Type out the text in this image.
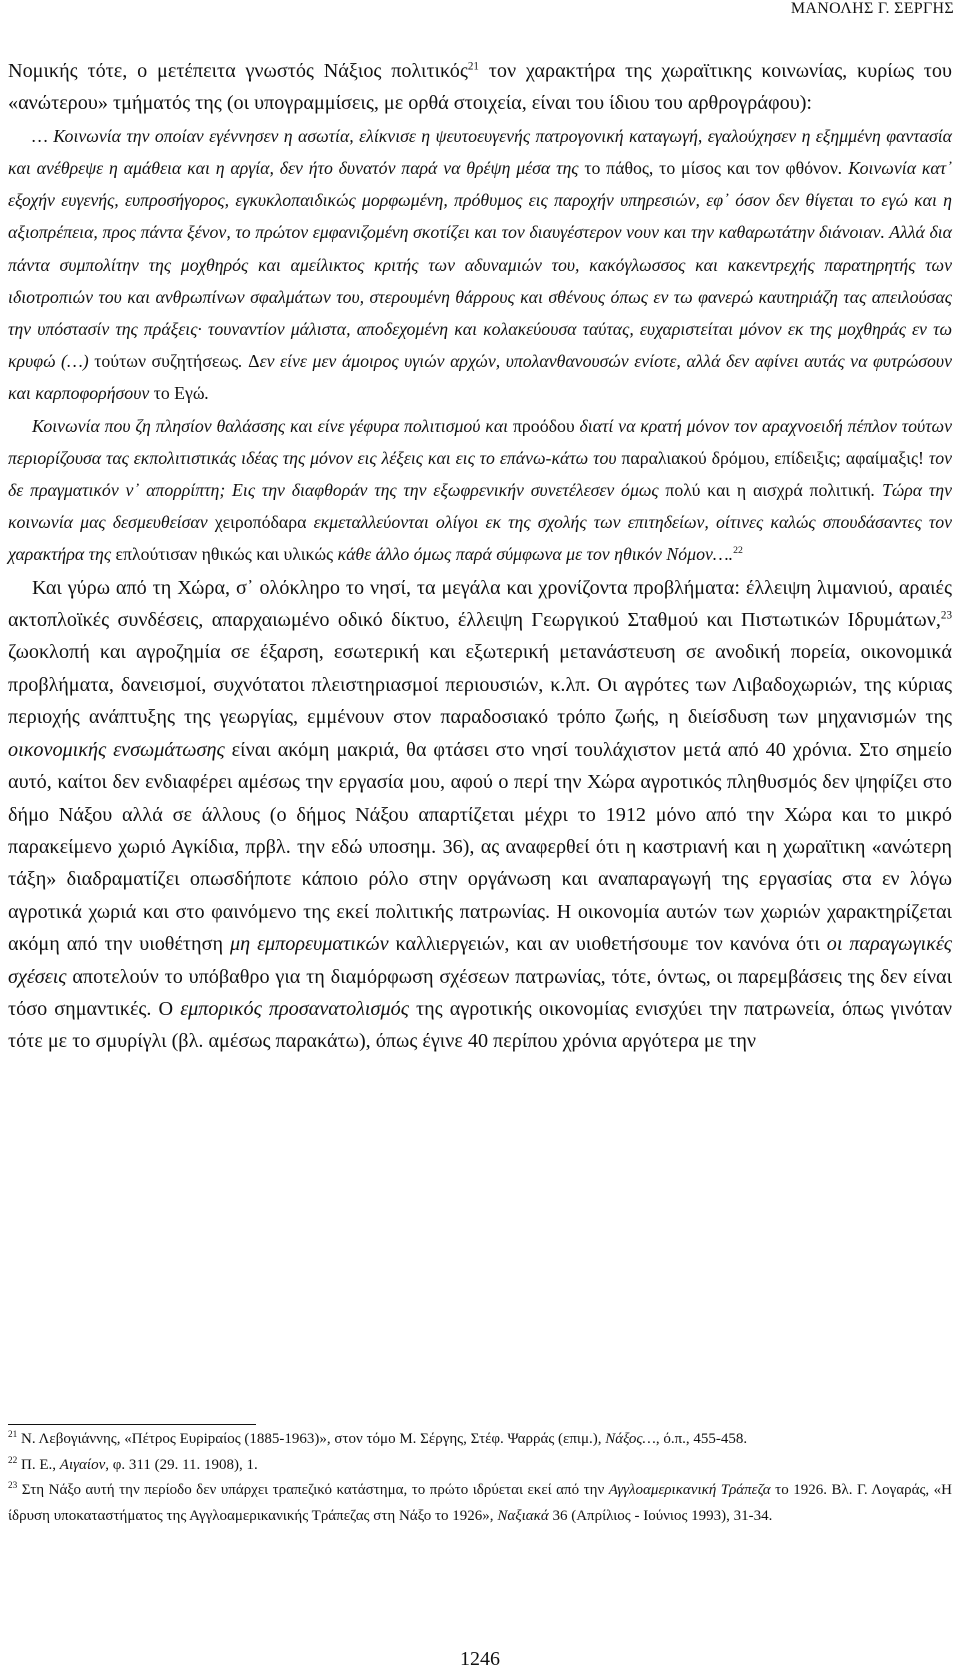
ΜΑΝΟΛΗΣ Γ. ΣΕΡΓΗΣ

Νομικής τότε, ο μετέπειτα γνωστός Νάξιος πολιτικός$^{21}$ τον χαρακτήρα της χωραϊτικης κοινωνίας, κυρίως του «ανώτερου» τμήματός της (οι υπογραμμίσεις, με ορθά στοιχεία, είναι του ίδιου του αρθρογράφου):

… Κοινωνία την οποίαν εγέννησεν η ασωτία, ελίκνισε η ψευτοευγενής πατρογονική καταγωγή, εγαλούχησεν η εξημμένη φαντασία και ανέθρεψε η αμάθεια και η αργία, δεν ήτο δυνατόν παρά να θρέψη μέσα της το πάθος, το μίσος και τον φθόνον. Κοινωνία κατ᾽ εξοχήν ευγενής, ευπροσήγορος, εγκυκλοπαιδικώς μορφωμένη, πρόθυμος εις παροχήν υπηρεσιών, εφ᾽ όσον δεν θίγεται το εγώ και η αξιοπρέπεια, προς πάντα ξένον, το πρώτον εμφανιζομένη σκοτίζει και τον διαυγέστερον νουν και την καθαρωτάτην διάνοιαν. Αλλά δια πάντα συμπολίτην της μοχθηρός και αμείλικτος κριτής των αδυναμιών του, κακόγλωσσος και κακεντρεχής παρατηρητής των ιδιοτροπιών του και ανθρωπίνων σφαλμάτων του, στερουμένη θάρρους και σθένους όπως εν τω φανερώ καυτηριάζη τας απειλούσας την υπόστασίν της πράξεις· τουναντίον μάλιστα, αποδεχομένη και κολακεύουσα ταύτας, ευχαριστείται μόνον εκ της μοχθηράς εν τω κρυφώ (…) τούτων συζητήσεως. Δεν είνε μεν άμοιρος υγιών αρχών, υπολανθανουσών ενίοτε, αλλά δεν αφίνει αυτάς να φυτρώσουν και καρποφορήσουν το Εγώ.

Κοινωνία που ζη πλησίον θαλάσσης και είνε γέφυρα πολιτισμού και προόδου διατί να κρατή μόνον τον αραχνοειδή πέπλον τούτων περιορίζουσα τας εκπολιτιστικάς ιδέας της μόνον εις λέξεις και εις το επάνω-κάτω του παραλιακού δρόμου, επίδειξις; αφαίμαξις! τον δε πραγματικόν ν᾽ απορρίπτη; Εις την διαφθοράν της την εξωφρενικήν συνετέλεσεν όμως πολύ και η αισχρά πολιτική. Τώρα την κοινωνία μας δεσμευθείσαν χειροπόδαρα εκμεταλλεύονται ολίγοι εκ της σχολής των επιτηδείων, οίτινες καλώς σπουδάσαντες τον χαρακτήρα της επλούτισαν ηθικώς και υλικώς κάθε άλλο όμως παρά σύμφωνα με τον ηθικόν Νόμον….$^{22}$

Και γύρω από τη Χώρα, σ᾽ ολόκληρο το νησί, τα μεγάλα και χρονίζοντα προβλήματα: έλλειψη λιμανιού, αραιές ακτοπλοϊκές συνδέσεις, απαρχαιωμένο οδικό δίκτυο, έλλειψη Γεωργικού Σταθμού και Πιστωτικών Ιδρυμάτων,$^{23}$ ζωοκλοπή και αγροζημία σε έξαρση, εσωτερική και εξωτερική μετανάστευση σε ανοδική πορεία, οικονομικά προβλήματα, δανεισμοί, συχνότατοι πλειστηριασμοί περιουσιών, κ.λπ. Οι αγρότες των Λιβαδοχωριών, της κύριας περιοχής ανάπτυξης της γεωργίας, εμμένουν στον παραδοσιακό τρόπο ζωής, η διείσδυση των μηχανισμών της οικονομικής ενσωμάτωσης είναι ακόμη μακριά, θα φτάσει στο νησί τουλάχιστον μετά από 40 χρόνια. Στο σημείο αυτό, καίτοι δεν ενδιαφέρει αμέσως την εργασία μου, αφού ο περί την Χώρα αγροτικός πληθυσμός δεν ψηφίζει στο δήμο Νάξου αλλά σε άλλους (ο δήμος Νάξου απαρτίζεται μέχρι το 1912 μόνο από την Χώρα και το μικρό παρακείμενο χωριό Αγκίδια, πρβλ. την εδώ υποσημ. 36), ας αναφερθεί ότι η καστριανή και η χωραϊτικη «ανώτερη τάξη» διαδραματίζει οπωσδήποτε κάποιο ρόλο στην οργάνωση και αναπαραγωγή της εργασίας στα εν λόγω αγροτικά χωριά και στο φαινόμενο της εκεί πολιτικής πατρωνίας. Η οικονομία αυτών των χωριών χαρακτηρίζεται ακόμη από την υιοθέτηση μη εμπορευματικών καλλιεργειών, και αν υιοθετήσουμε τον κανόνα ότι οι παραγωγικές σχέσεις αποτελούν το υπόβαθρο για τη διαμόρφωση σχέσεων πατρωνίας, τότε, όντως, οι παρεμβάσεις της δεν είναι τόσο σημαντικές. Ο εμπορικός προσανατολισμός της αγροτικής οικονομίας ενισχύει την πατρωνεία, όπως γινόταν τότε με το σμυρίγλι (βλ. αμέσως παρακάτω), όπως έγινε 40 περίπου χρόνια αργότερα με την

$^{21}$ Ν. Λεβογιάννης, «Πέτρος Ευρipαίος (1885-1963)», στον τόμο Μ. Σέργης, Στέφ. Ψαρράς (επιμ.), Νάξος…, ό.π., 455-458.

$^{22}$ Π. Ε., Αιγαίον, φ. 311 (29. 11. 1908), 1.

$^{23}$ Στη Νάξο αυτή την περίοδο δεν υπάρχει τραπεζικό κατάστημα, το πρώτο ιδρύεται εκεί από την Αγγλοαμερικανική Τράπεζα το 1926. Βλ. Γ. Λογαράς, «Η ίδρυση υποκαταστήματος της Αγγλοαμερικανικής Τράπεζας στη Νάξο το 1926», Ναξιακά 36 (Απρίλιος - Ιούνιος 1993), 31-34.

1246
